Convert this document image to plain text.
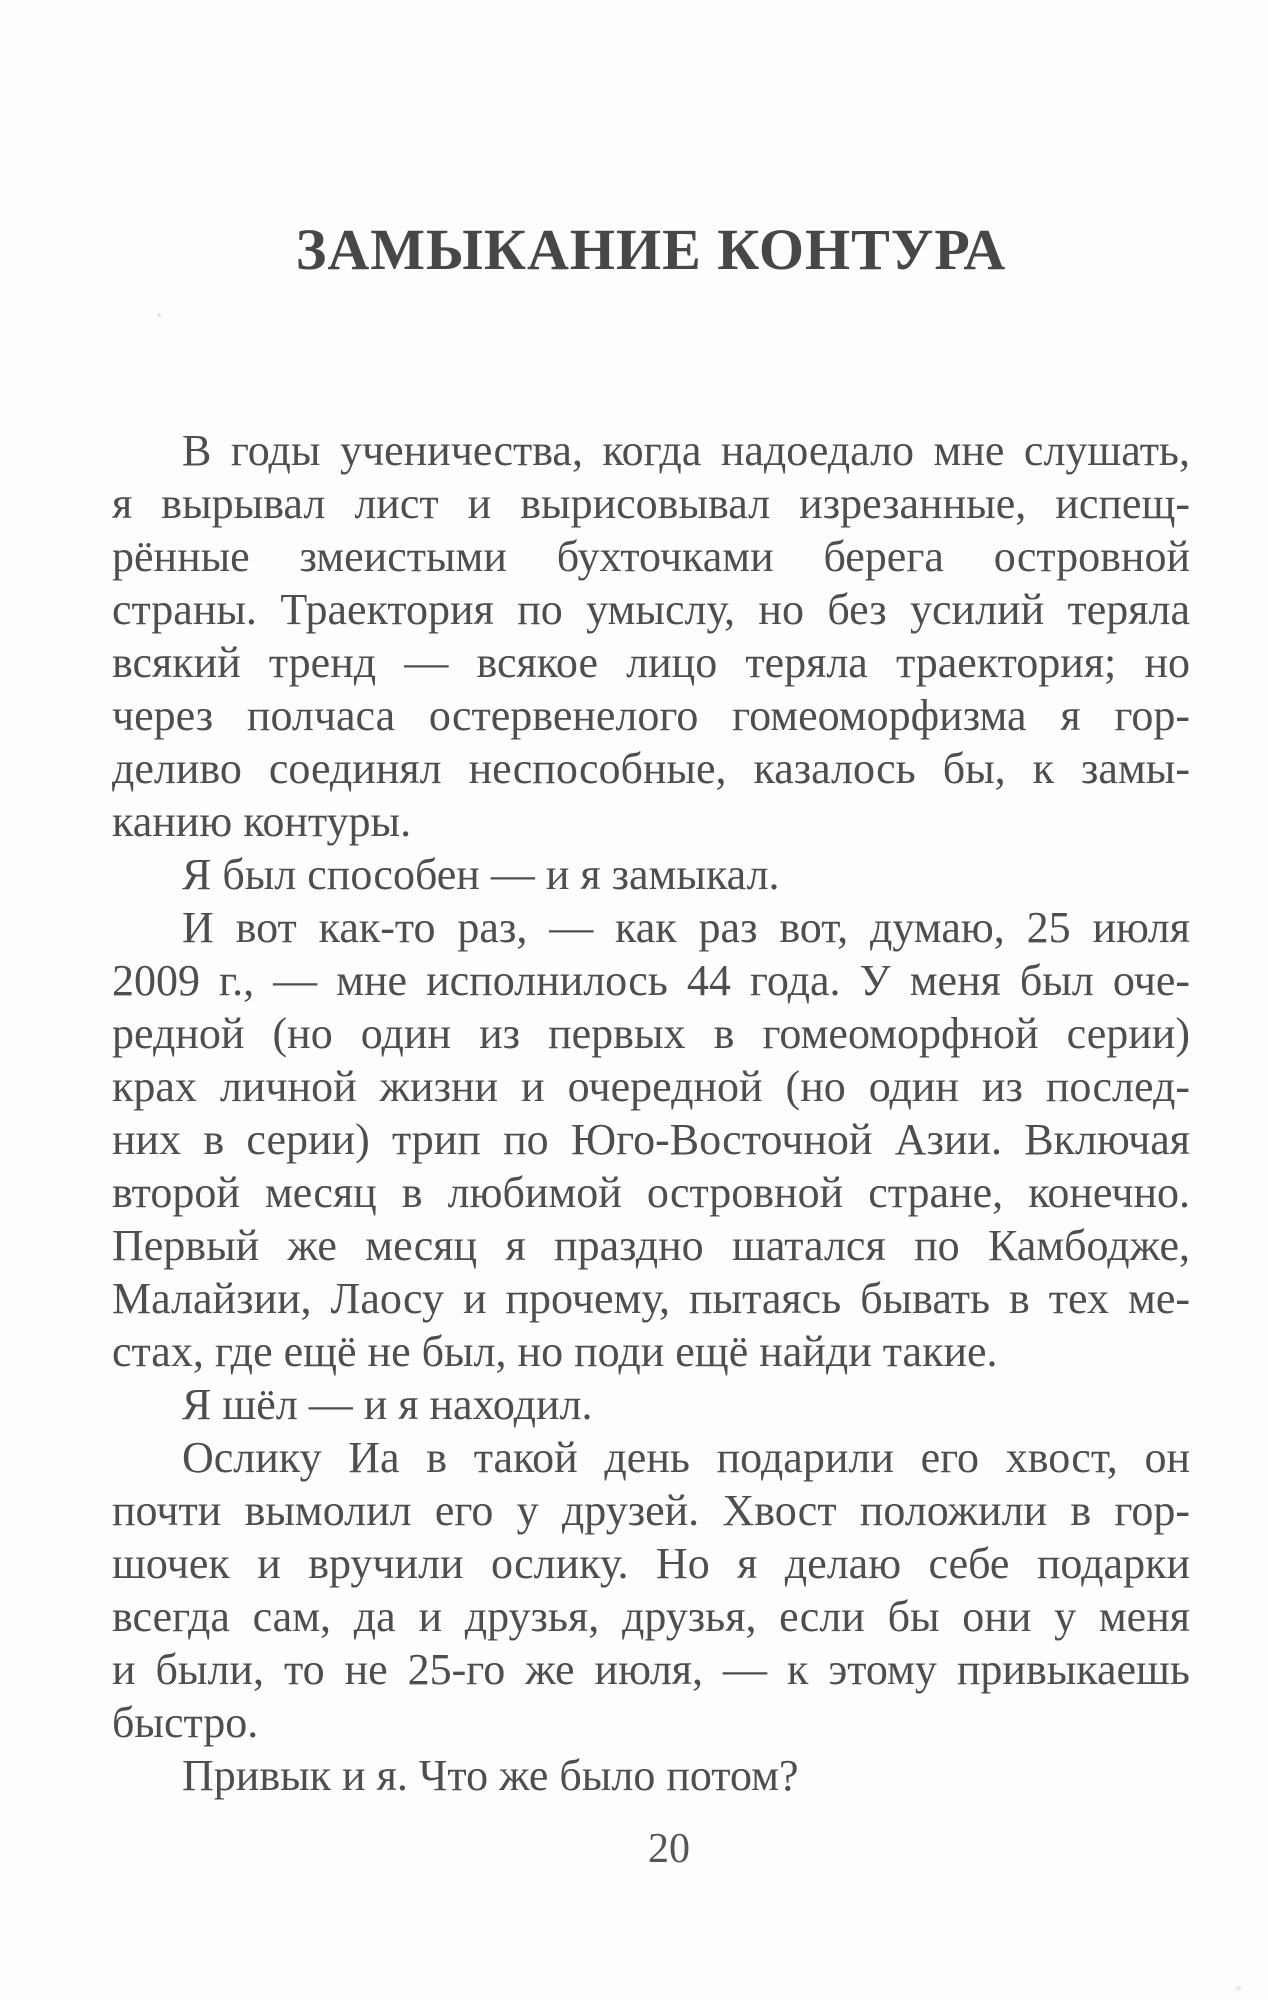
ЗАМЫКАНИЕ КОНТУРА
В годы ученичества, когда надоедало мне слушать,
я вырывал лист и вырисовывал изрезанные, испещ-
рённые змеистыми бухточками берега островной
страны. Траектория по умыслу, но без усилий теряла
всякий тренд — всякое лицо теряла траектория; но
через полчаса остервенелого гомеоморфизма я гор-
деливо соединял неспособные, казалось бы, к замы-
канию контуры.
Я был способен — и я замыкал.
И вот как-то раз, — как раз вот, думаю, 25 июля
2009 г., — мне исполнилось 44 года. У меня был оче-
редной (но один из первых в гомеоморфной серии)
крах личной жизни и очередной (но один из послед-
них в серии) трип по Юго-Восточной Азии. Включая
второй месяц в любимой островной стране, конечно.
Первый же месяц я праздно шатался по Камбодже,
Малайзии, Лаосу и прочему, пытаясь бывать в тех ме-
стах, где ещё не был, но поди ещё найди такие.
Я шёл — и я находил.
Ослику Иа в такой день подарили его хвост, он
почти вымолил его у друзей. Хвост положили в гор-
шочек и вручили ослику. Но я делаю себе подарки
всегда сам, да и друзья, друзья, если бы они у меня
и были, то не 25-го же июля, — к этому привыкаешь
быстро.
Привык и я. Что же было потом?
20
